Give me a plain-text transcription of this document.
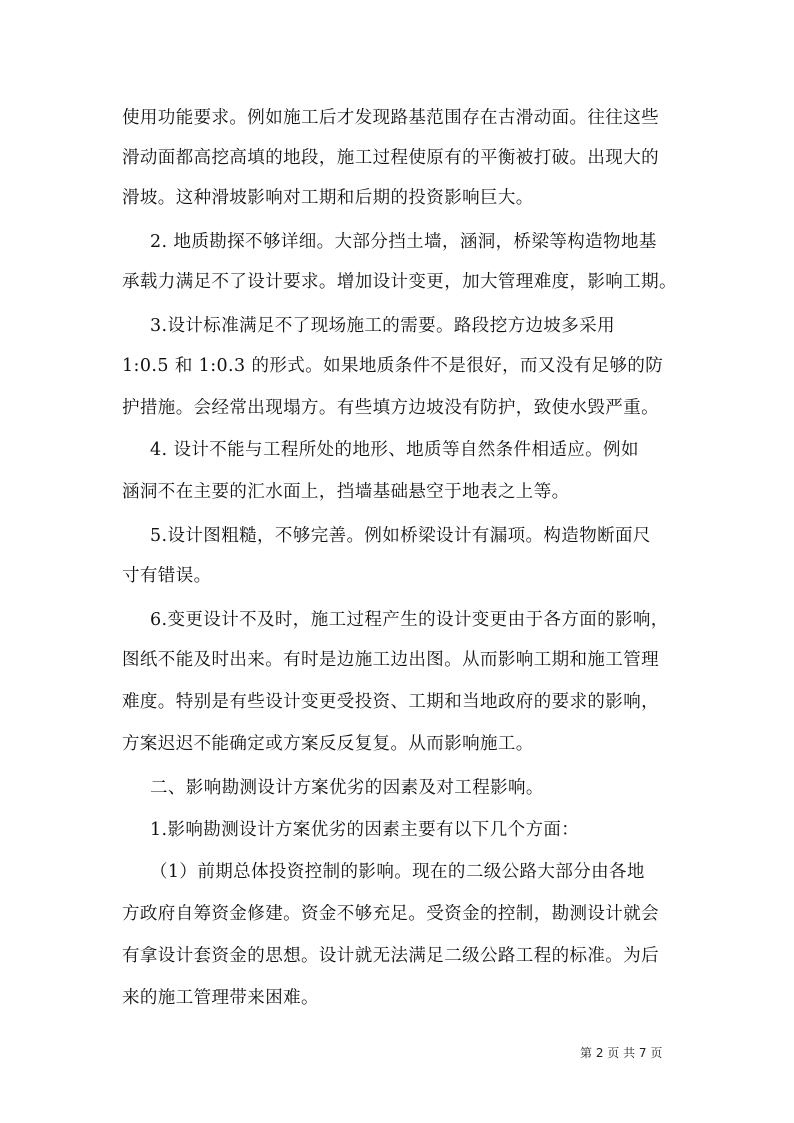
使用功能要求。例如施工后才发现路基范围存在古滑动面。往往这些
滑动面都高挖高填的地段，施工过程使原有的平衡被打破。出现大的
滑坡。这种滑坡影响对工期和后期的投资影响巨大。
2. 地质勘探不够详细。大部分挡土墙，涵洞，桥梁等构造物地基
承载力满足不了设计要求。增加设计变更，加大管理难度，影响工期。
3.设计标准满足不了现场施工的需要。路段挖方边坡多采用
1:0.5 和 1:0.3 的形式。如果地质条件不是很好，而又没有足够的防
护措施。会经常出现塌方。有些填方边坡没有防护，致使水毁严重。
4. 设计不能与工程所处的地形、地质等自然条件相适应。例如
涵洞不在主要的汇水面上，挡墙基础悬空于地表之上等。
5.设计图粗糙，不够完善。例如桥梁设计有漏项。构造物断面尺
寸有错误。
6.变更设计不及时，施工过程产生的设计变更由于各方面的影响，
图纸不能及时出来。有时是边施工边出图。从而影响工期和施工管理
难度。特别是有些设计变更受投资、工期和当地政府的要求的影响，
方案迟迟不能确定或方案反反复复。从而影响施工。
二、影响勘测设计方案优劣的因素及对工程影响。
1.影响勘测设计方案优劣的因素主要有以下几个方面：
（1）前期总体投资控制的影响。现在的二级公路大部分由各地
方政府自筹资金修建。资金不够充足。受资金的控制，勘测设计就会
有拿设计套资金的思想。设计就无法满足二级公路工程的标准。为后
来的施工管理带来困难。
第 2 页 共 7 页
